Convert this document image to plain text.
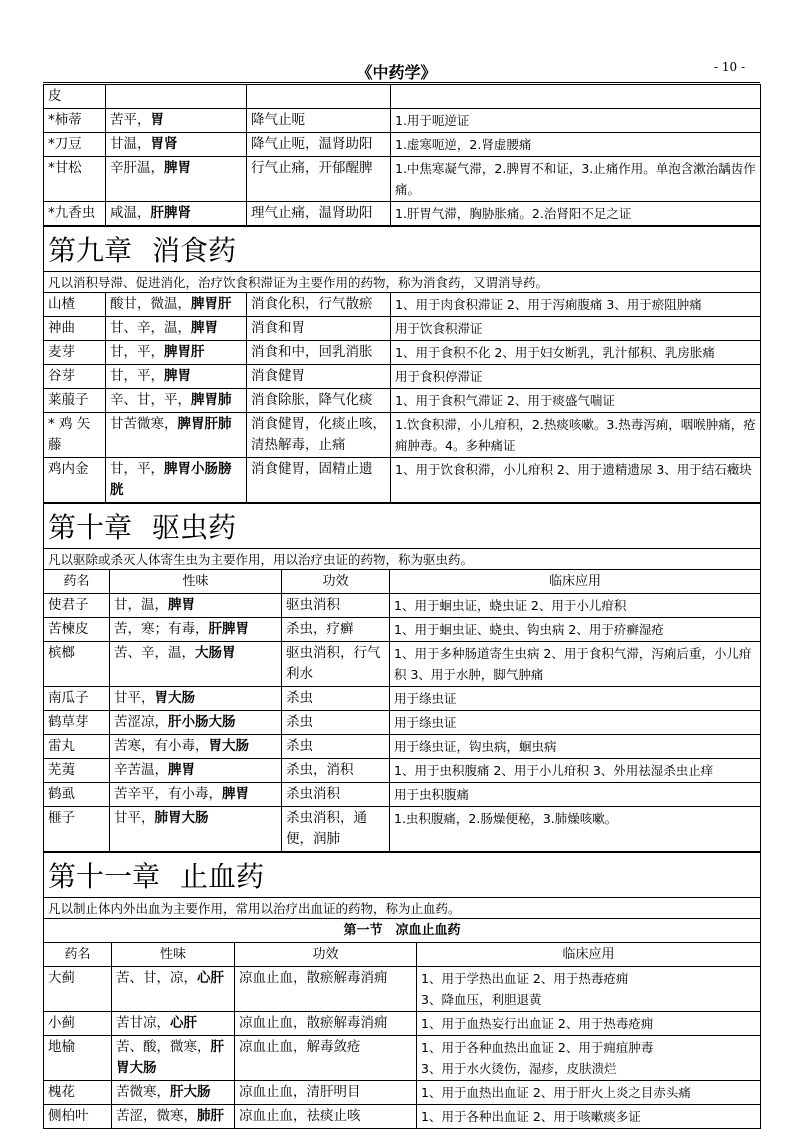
《中药学》	- 10 -
皮			
*柿蒂	苦平，胃	降气止呃	1.用于呃逆证
*刀豆	甘温，胃肾	降气止呃，温肾助阳	1.虚寒呃逆，2.肾虚腰痛
*甘松	辛肝温，脾胃	行气止痛，开郁醒脾	1.中焦寒凝气滞，2.脾胃不和证，3.止痛作用。单泡含漱治龋齿作痛。
*九香虫	咸温，肝脾肾	理气止痛，温肾助阳	1.肝胃气滞，胸胁胀痛。2.治肾阳不足之证
第九章 消食药			
凡以消积导滞、促进消化，治疗饮食积滞证为主要作用的药物，称为消食药，又谓消导药。			
山楂	酸甘，微温，脾胃肝	消食化积，行气散瘀	1、用于肉食积滞证 2、用于泻痢腹痛 3、用于瘀阻肿痛
神曲	甘、辛，温，脾胃	消食和胃	用于饮食积滞证
麦芽	甘，平，脾胃肝	消食和中，回乳消胀	1、用于食积不化 2、用于妇女断乳，乳汁郁积、乳房胀痛
谷芽	甘，平，脾胃	消食健胃	用于食积停滞证
莱菔子	辛、甘，平，脾胃肺	消食除胀，降气化痰	1、用于食积气滞证 2、用于痰盛气喘证
* 鸡 矢 藤	甘苦微寒，脾胃肝肺	消食健胃，化痰止咳，清热解毒，止痛	1.饮食积滞，小儿疳积，2.热痰咳嗽。3.热毒泻痢，咽喉肿痛，疮痈肿毒。4。多种痛证
鸡内金	甘，平，脾胃小肠膀胱	消食健胃，固精止遗	1、用于饮食积滞，小儿疳积 2、用于遗精遗尿 3、用于结石癥块
第十章 驱虫药			
凡以驱除或杀灭人体寄生虫为主要作用，用以治疗虫证的药物，称为驱虫药。			
药名	性味	功效	临床应用
使君子	甘，温，脾胃	驱虫消积	1、用于蛔虫证，蛲虫证 2、用于小儿疳积
苦楝皮	苦，寒；有毒，肝脾胃	杀虫，疗癣	1、用于蛔虫证、蛲虫、钩虫病 2、用于疥癣湿疮
槟榔	苦、辛，温，大肠胃	驱虫消积，行气利水	1、用于多种肠道寄生虫病 2、用于食积气滞，泻痢后重，小儿疳积 3、用于水肿，脚气肿痛
南瓜子	甘平，胃大肠	杀虫	用于绦虫证
鹤草芽	苦涩凉，肝小肠大肠	杀虫	用于绦虫证
雷丸	苦寒，有小毒，胃大肠	杀虫	用于绦虫证，钩虫病，蛔虫病
芜荑	辛苦温，脾胃	杀虫，消积	1、用于虫积腹痛 2、用于小儿疳积 3、外用祛湿杀虫止痒
鹤虱	苦辛平，有小毒，脾胃	杀虫消积	用于虫积腹痛
榧子	甘平，肺胃大肠	杀虫消积，通便，润肺	1.虫积腹痛，2.肠燥便秘，3.肺燥咳嗽。
第十一章 止血药			
凡以制止体内外出血为主要作用，常用以治疗出血证的药物，称为止血药。			
第一节　凉血止血药			
药名	性味	功效	临床应用
大蓟	苦、甘，凉，心肝	凉血止血，散瘀解毒消痈	1、用于学热出血证 2、用于热毒疮痈
3、降血压，利胆退黄

小蓟	苦甘凉，心肝	凉血止血，散瘀解毒消痈	1、用于血热妄行出血证 2、用于热毒疮痈

地榆	苦、酸，微寒，肝胃大肠	凉血止血，解毒敛疮	1、用于各种血热出血证 2、用于痈疽肿毒
3、用于水火烫伤，湿疹，皮肤溃烂

槐花	苦微寒，肝大肠	凉血止血，清肝明目	1、用于血热出血证 2、用于肝火上炎之目赤头痛

侧柏叶	苦涩，微寒，肺肝	凉血止血，祛痰止咳	1、用于各种出血证 2、用于咳嗽痰多证
